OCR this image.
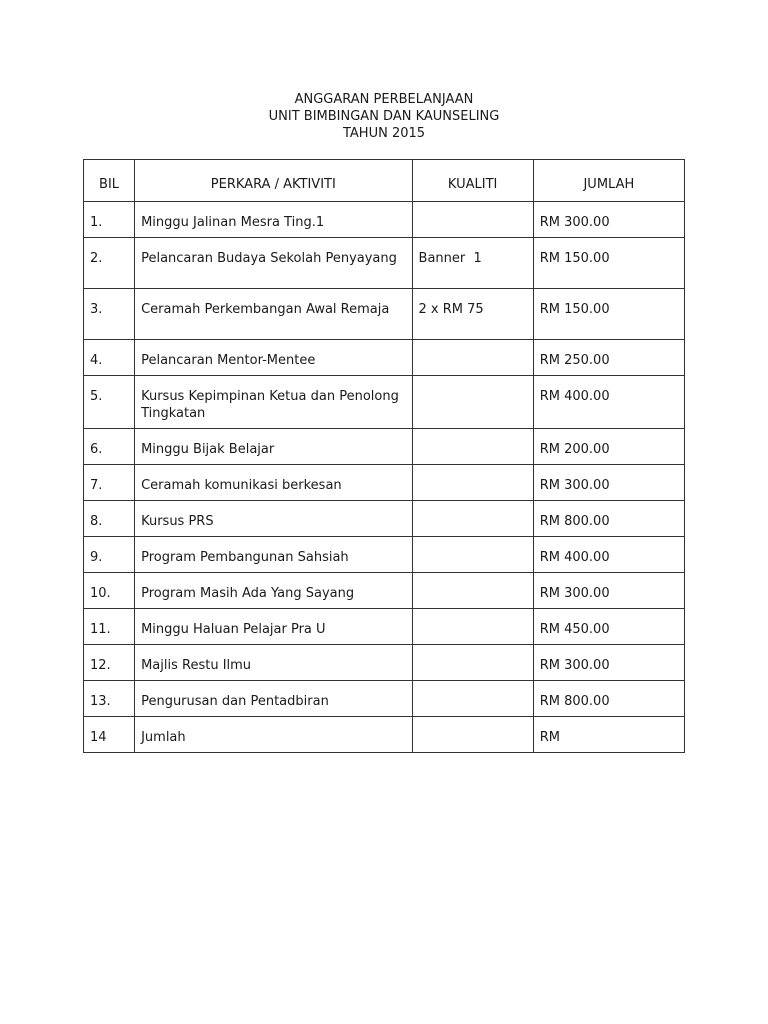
ANGGARAN PERBELANJAAN
UNIT BIMBINGAN DAN KAUNSELING
TAHUN 2015
BIL	PERKARA / AKTIVITI	KUALITI	JUMLAH

1.	Minggu Jalinan Mesra Ting.1		RM 300.00

2.	Pelancaran Budaya Sekolah Penyayang	Banner  1	RM 150.00

3.	Ceramah Perkembangan Awal Remaja	2 x RM 75	RM 150.00

4.	Pelancaran Mentor-Mentee		RM 250.00

5.	Kursus Kepimpinan Ketua dan Penolong Tingkatan		RM 400.00

6.	Minggu Bijak Belajar		RM 200.00

7.	Ceramah komunikasi berkesan		RM 300.00

8.	Kursus PRS		RM 800.00

9.	Program Pembangunan Sahsiah		RM 400.00

10.	Program Masih Ada Yang Sayang		RM 300.00

11.	Minggu Haluan Pelajar Pra U		RM 450.00

12.	Majlis Restu Ilmu		RM 300.00

13.	Pengurusan dan Pentadbiran		RM 800.00

14	Jumlah		RM
